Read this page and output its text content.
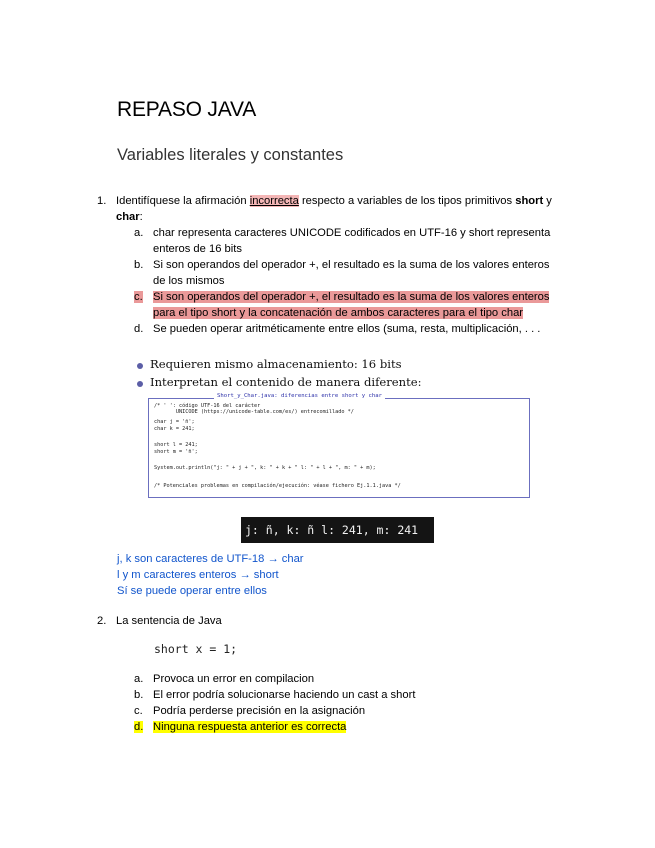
REPASO JAVA
Variables literales y constantes
1. Identifíquese la afirmación incorrecta respecto a variables de los tipos primitivos short y
char:
a. char representa caracteres UNICODE codificados en UTF-16 y short representa
enteros de 16 bits
b. Si son operandos del operador +, el resultado es la suma de los valores enteros
de los mismos
c. Si son operandos del operador +, el resultado es la suma de los valores enteros
para el tipo short y la concatenación de ambos caracteres para el tipo char
d. Se pueden operar aritméticamente entre ellos (suma, resta, multiplicación, . . .
Requieren mismo almacenamiento: 16 bits
Interpretan el contenido de manera diferente:
Short_y_Char.java: diferencias entre short y char
/* ' ': código UTF-16 del carácter
UNICODE (https://unicode-table.com/es/) entrecomillado */
char j = 'ñ';
char k = 241;
short l = 241;
short m = 'ñ';
System.out.println("j: " + j + ", k: " + k + " l: " + l + ", m: " + m);
/* Potenciales problemas en compilación/ejecución: véase fichero Ej.1.1.java */
j: ñ, k: ñ l: 241, m: 241
j, k son caracteres de UTF-18 → char
l y m caracteres enteros → short
Sí se puede operar entre ellos
2. La sentencia de Java
short x = 1;
a. Provoca un error en compilacion
b. El error podría solucionarse haciendo un cast a short
c. Podría perderse precisión en la asignación
d. Ninguna respuesta anterior es correcta
